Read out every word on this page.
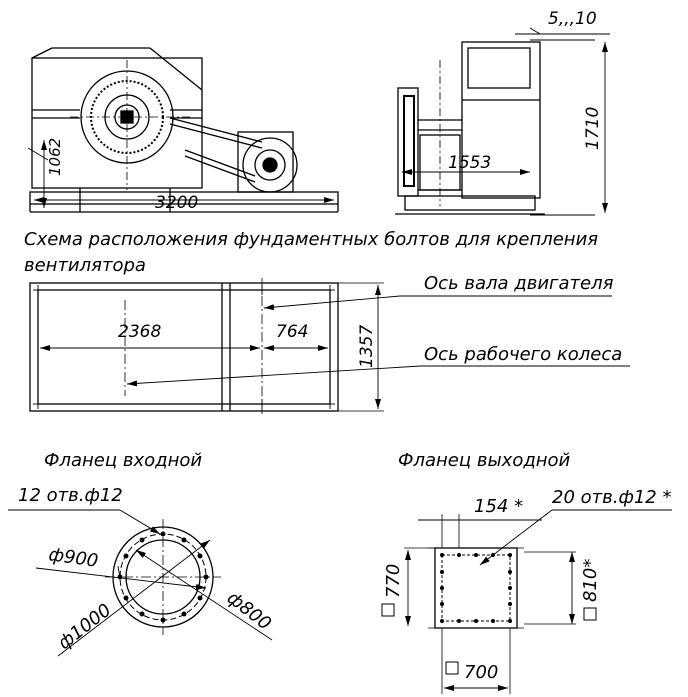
1062
3200
5,,,10
1553
1710
Схема расположения фундаментных болтов для крепления
вентилятора
2368	764	1357
Ось вала двигателя
Ось рабочего колеса
Фланец входной	Фланец выходной
12 отв.ф12
ф900
ф1000	ф800
154 * 20 отв.ф12 *
770	810*
700
